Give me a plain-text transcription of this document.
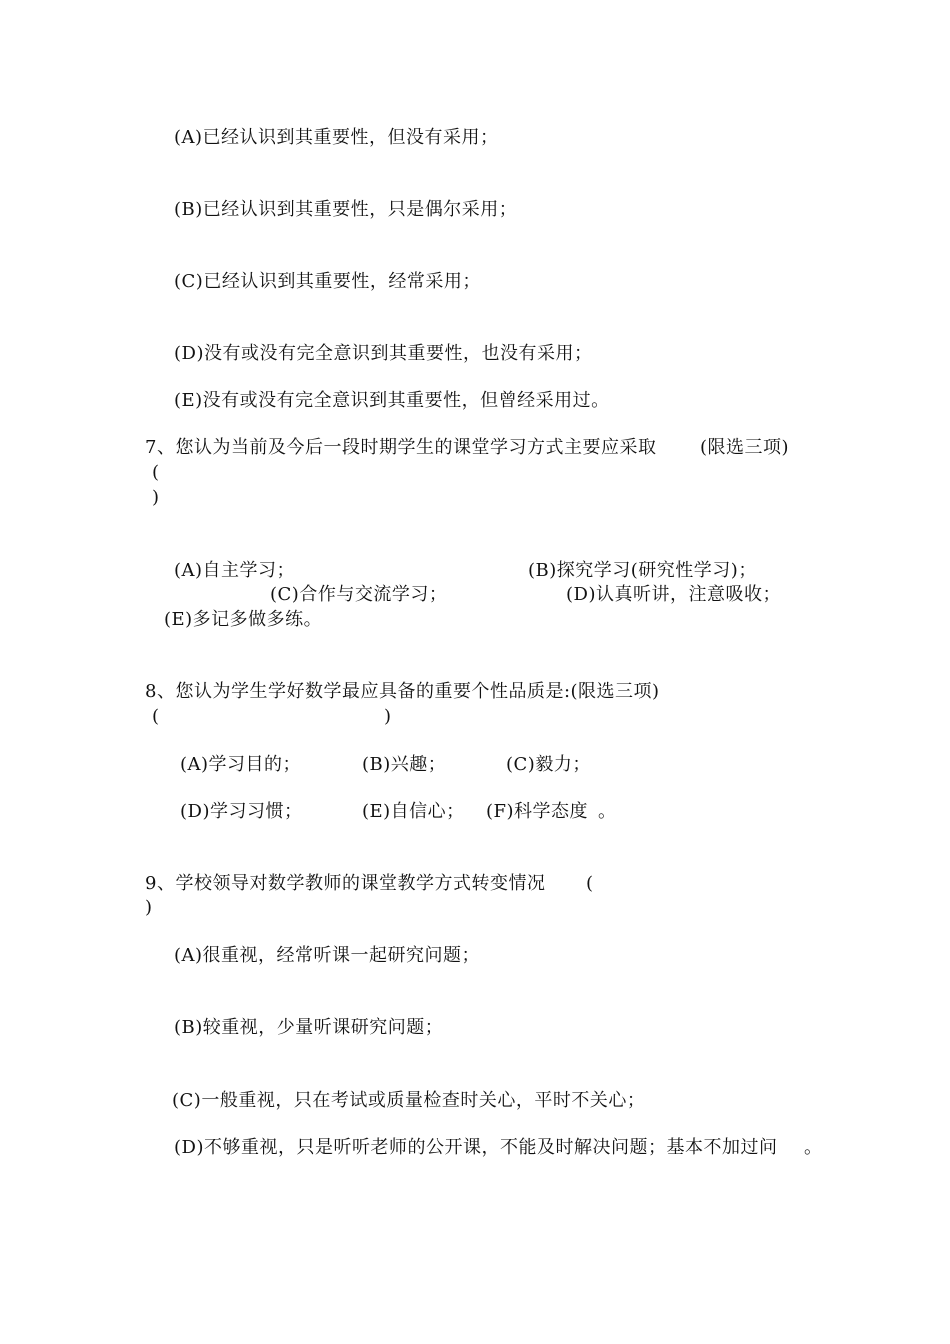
(A)已经认识到其重要性，但没有采用；
(B)已经认识到其重要性，只是偶尔采用；
(C)已经认识到其重要性，经常采用；
(D)没有或没有完全意识到其重要性，也没有采用；
(E)没有或没有完全意识到其重要性，但曾经采用过。
7、您认为当前及今后一段时期学生的课堂学习方式主要应采取 (限选三项)
(
)
(A)自主学习；	(B)探究学习(研究性学习)；
(C)合作与交流学习；	(D)认真听讲，注意吸收；
(E)多记多做多练。
8、您认为学生学好数学最应具备的重要个性品质是:(限选三项)
(	)
(A)学习目的；	(B)兴趣；	(C)毅力；
(D)学习习惯；	(E)自信心； (F)科学态度 。
9、学校领导对数学教师的课堂教学方式转变情况 (
)
(A)很重视，经常听课一起研究问题；
(B)较重视，少量听课研究问题；
(C)一般重视，只在考试或质量检查时关心，平时不关心；
(D)不够重视，只是听听老师的公开课，不能及时解决问题；基本不加过问 。
